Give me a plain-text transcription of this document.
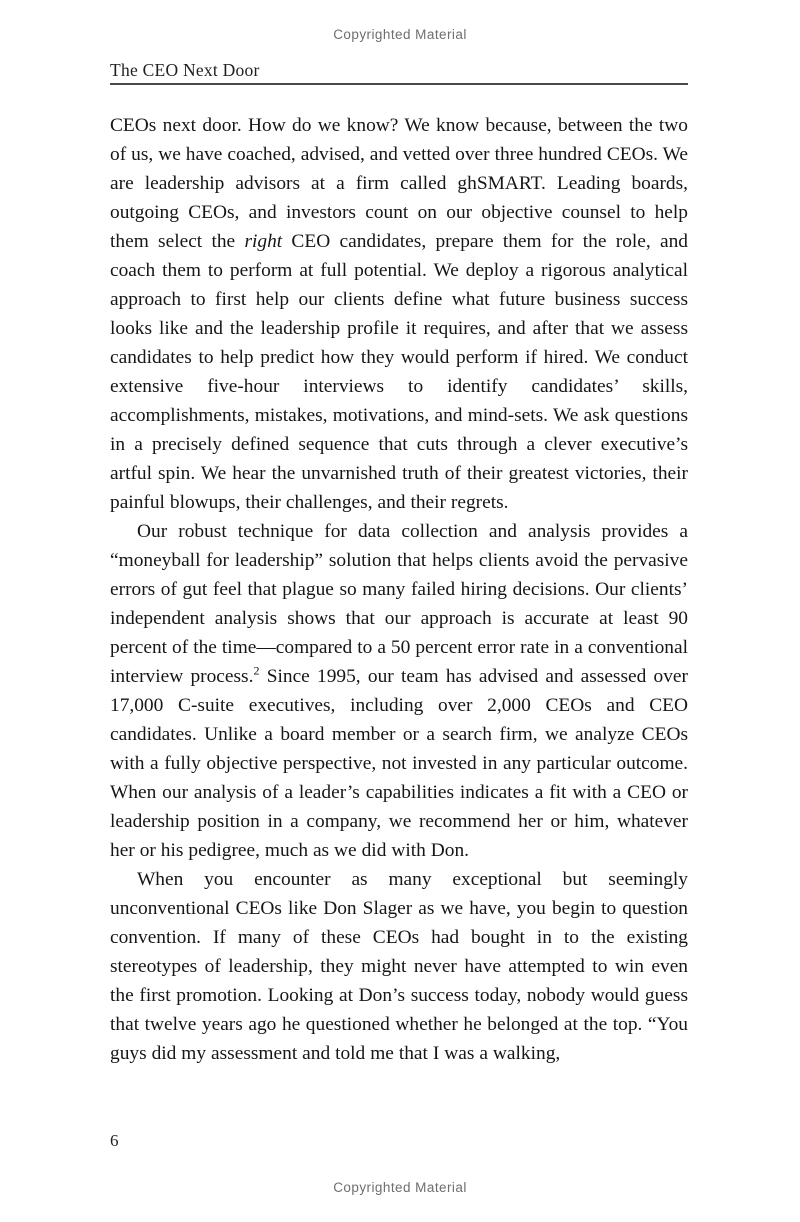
Copyrighted Material
The CEO Next Door

CEOs next door. How do we know? We know because, between the two of us, we have coached, advised, and vetted over three hundred CEOs. We are leadership advisors at a firm called ghSMART. Leading boards, outgoing CEOs, and investors count on our objective counsel to help them select the right CEO candidates, prepare them for the role, and coach them to perform at full potential. We deploy a rigorous analytical approach to first help our clients define what future business success looks like and the leadership profile it requires, and after that we assess candidates to help predict how they would perform if hired. We conduct extensive five-hour interviews to identify candidates’ skills, accomplishments, mistakes, motivations, and mind-sets. We ask questions in a precisely defined sequence that cuts through a clever executive’s artful spin. We hear the unvarnished truth of their greatest victories, their painful blowups, their challenges, and their regrets.

Our robust technique for data collection and analysis provides a “moneyball for leadership” solution that helps clients avoid the pervasive errors of gut feel that plague so many failed hiring decisions. Our clients’ independent analysis shows that our approach is accurate at least 90 percent of the time—compared to a 50 percent error rate in a conventional interview process.$^2$ Since 1995, our team has advised and assessed over 17,000 C-suite executives, including over 2,000 CEOs and CEO candidates. Unlike a board member or a search firm, we analyze CEOs with a fully objective perspective, not invested in any particular outcome. When our analysis of a leader’s capabilities indicates a fit with a CEO or leadership position in a company, we recommend her or him, whatever her or his pedigree, much as we did with Don.

When you encounter as many exceptional but seemingly unconventional CEOs like Don Slager as we have, you begin to question convention. If many of these CEOs had bought in to the existing stereotypes of leadership, they might never have attempted to win even the first promotion. Looking at Don’s success today, nobody would guess that twelve years ago he questioned whether he belonged at the top. “You guys did my assessment and told me that I was a walking,

6
Copyrighted Material
